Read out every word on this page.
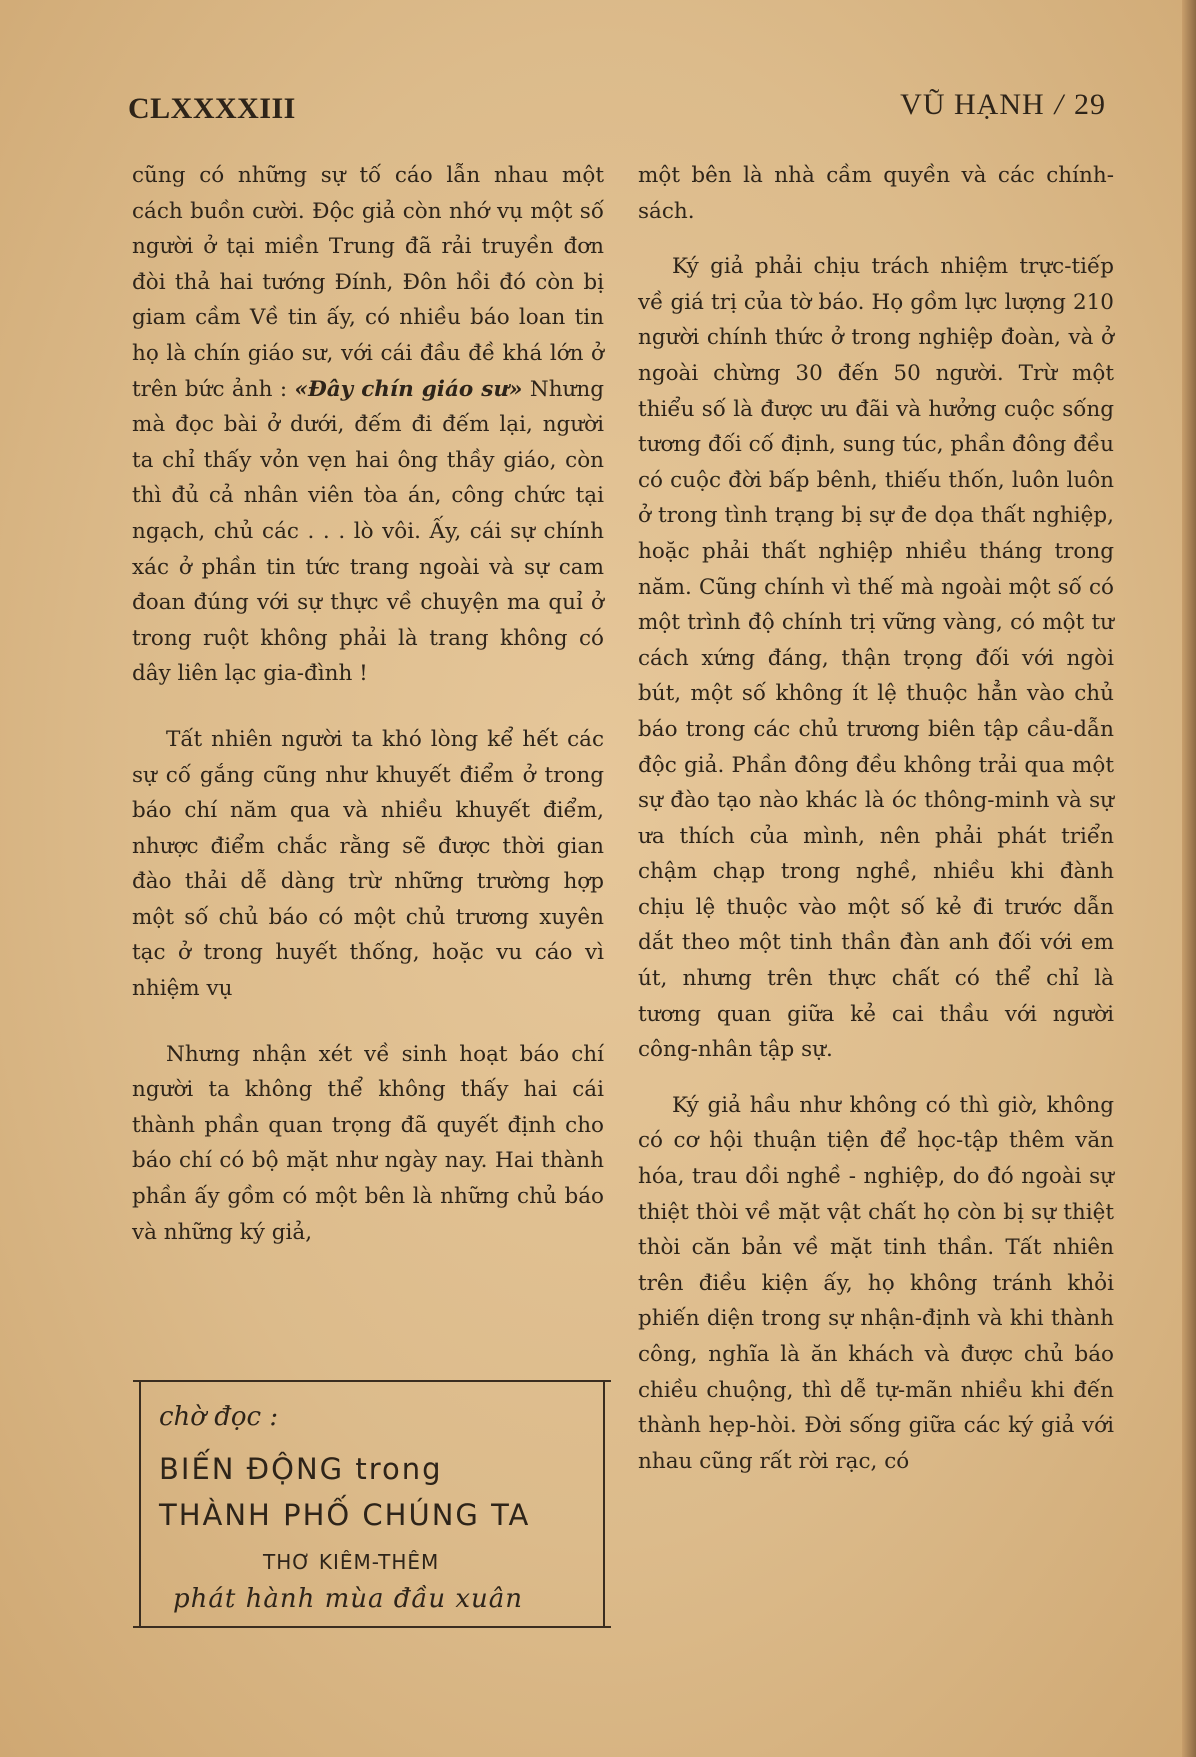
CLXXXXIII	VŨ HẠNH / 29

cũng có những sự tố cáo lẫn nhau một cách buồn cười. Độc giả còn nhớ vụ một số người ở tại miền Trung đã rải truyền đơn đòi thả hai tướng Đính, Đôn hồi đó còn bị giam cầm Về tin ấy, có nhiều báo loan tin họ là chín giáo sư, với cái đầu đề khá lớn ở trên bức ảnh : «Đây chín giáo sư» Nhưng mà đọc bài ở dưới, đếm đi đếm lại, người ta chỉ thấy vỏn vẹn hai ông thầy giáo, còn thì đủ cả nhân viên tòa án, công chức tại ngạch, chủ các . . . lò vôi. Ấy, cái sự chính xác ở phần tin tức trang ngoài và sự cam đoan đúng với sự thực về chuyện ma quỉ ở trong ruột không phải là trang không có dây liên lạc gia-đình !

Tất nhiên người ta khó lòng kể hết các sự cố gắng cũng như khuyết điểm ở trong báo chí năm qua và nhiều khuyết điểm, nhược điểm chắc rằng sẽ được thời gian đào thải dễ dàng trừ những trường hợp một số chủ báo có một chủ trương xuyên tạc ở trong huyết thống, hoặc vu cáo vì nhiệm vụ

Nhưng nhận xét về sinh hoạt báo chí người ta không thể không thấy hai cái thành phần quan trọng đã quyết định cho báo chí có bộ mặt như ngày nay. Hai thành phần ấy gồm có một bên là những chủ báo và những ký giả,

một bên là nhà cầm quyền và các chính-sách.

Ký giả phải chịu trách nhiệm trực-tiếp về giá trị của tờ báo. Họ gồm lực lượng 210 người chính thức ở trong nghiệp đoàn, và ở ngoài chừng 30 đến 50 người. Trừ một thiểu số là được ưu đãi và hưởng cuộc sống tương đối cố định, sung túc, phần đông đều có cuộc đời bấp bênh, thiếu thốn, luôn luôn ở trong tình trạng bị sự đe dọa thất nghiệp, hoặc phải thất nghiệp nhiều tháng trong năm. Cũng chính vì thế mà ngoài một số có một trình độ chính trị vững vàng, có một tư cách xứng đáng, thận trọng đối với ngòi bút, một số không ít lệ thuộc hẳn vào chủ báo trong các chủ trương biên tập cầu-dẫn độc giả. Phần đông đều không trải qua một sự đào tạo nào khác là óc thông-minh và sự ưa thích của mình, nên phải phát triển chậm chạp trong nghề, nhiều khi đành chịu lệ thuộc vào một số kẻ đi trước dẫn dắt theo một tinh thần đàn anh đối với em út, nhưng trên thực chất có thể chỉ là tương quan giữa kẻ cai thầu với người công-nhân tập sự.

Ký giả hầu như không có thì giờ, không có cơ hội thuận tiện để học-tập thêm văn hóa, trau dồi nghề - nghiệp, do đó ngoài sự thiệt thòi về mặt vật chất họ còn bị sự thiệt thòi căn bản về mặt tinh thần. Tất nhiên trên điều kiện ấy, họ không tránh khỏi phiến diện trong sự nhận-định và khi thành công, nghĩa là ăn khách và được chủ báo chiều chuộng, thì dễ tự-mãn nhiều khi đến thành hẹp-hòi. Đời sống giữa các ký giả với nhau cũng rất rời rạc, có

chờ đọc :
BIẾN ĐỘNG trong
THÀNH PHỐ CHÚNG TA
THƠ KIÊM-THÊM
phát hành mùa đầu xuân
